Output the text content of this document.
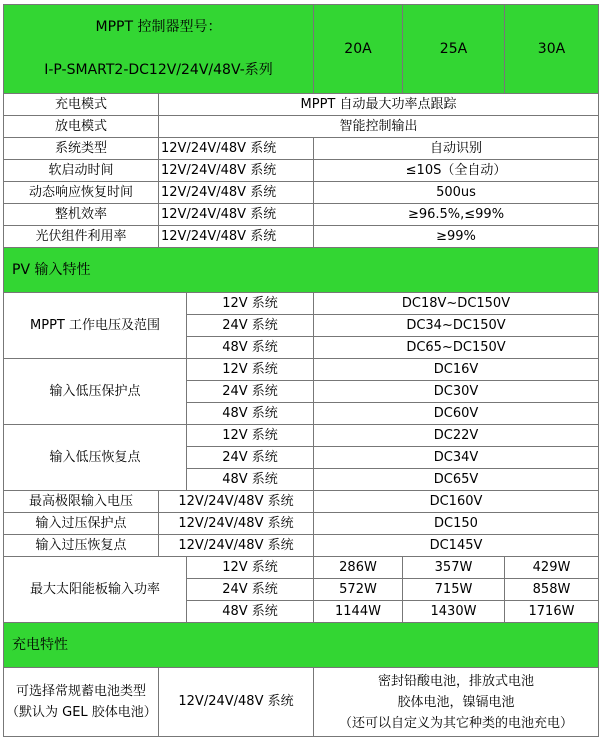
MPPT 控制器型号：
I-P-SMART2-DC12V/24V/48V-系列			20A	25A	30A
充电模式	MPPT 自动最大功率点跟踪				
放电模式	智能控制输出				
系统类型	12V/24V/48V 系统		自动识别		
软启动时间	12V/24V/48V 系统		≤10S（全自动）		
动态响应恢复时间	12V/24V/48V 系统		500us		
整机效率	12V/24V/48V 系统		≥96.5%,≤99%		
光伏组件利用率	12V/24V/48V 系统		≥99%		
PV 输入特性					
MPPT 工作电压及范围		12V 系统	DC18V~DC150V		
		24V 系统	DC34~DC150V		
		48V 系统	DC65~DC150V		
输入低压保护点		12V 系统	DC16V		
		24V 系统	DC30V		
		48V 系统	DC60V		
输入低压恢复点		12V 系统	DC22V		
		24V 系统	DC34V		
		48V 系统	DC65V		
最高极限输入电压	12V/24V/48V 系统		DC160V		
输入过压保护点	12V/24V/48V 系统		DC150		
输入过压恢复点	12V/24V/48V 系统		DC145V		
最大太阳能板输入功率		12V 系统	286W	357W	429W
		24V 系统	572W	715W	858W
		48V 系统	1144W	1430W	1716W
充电特性					

可选择常规蓄电池类型
（默认为 GEL 胶体电池）	12V/24V/48V 系统		密封铅酸电池，排放式电池
胶体电池，镍镉电池
（还可以自定义为其它种类的电池充电）		
